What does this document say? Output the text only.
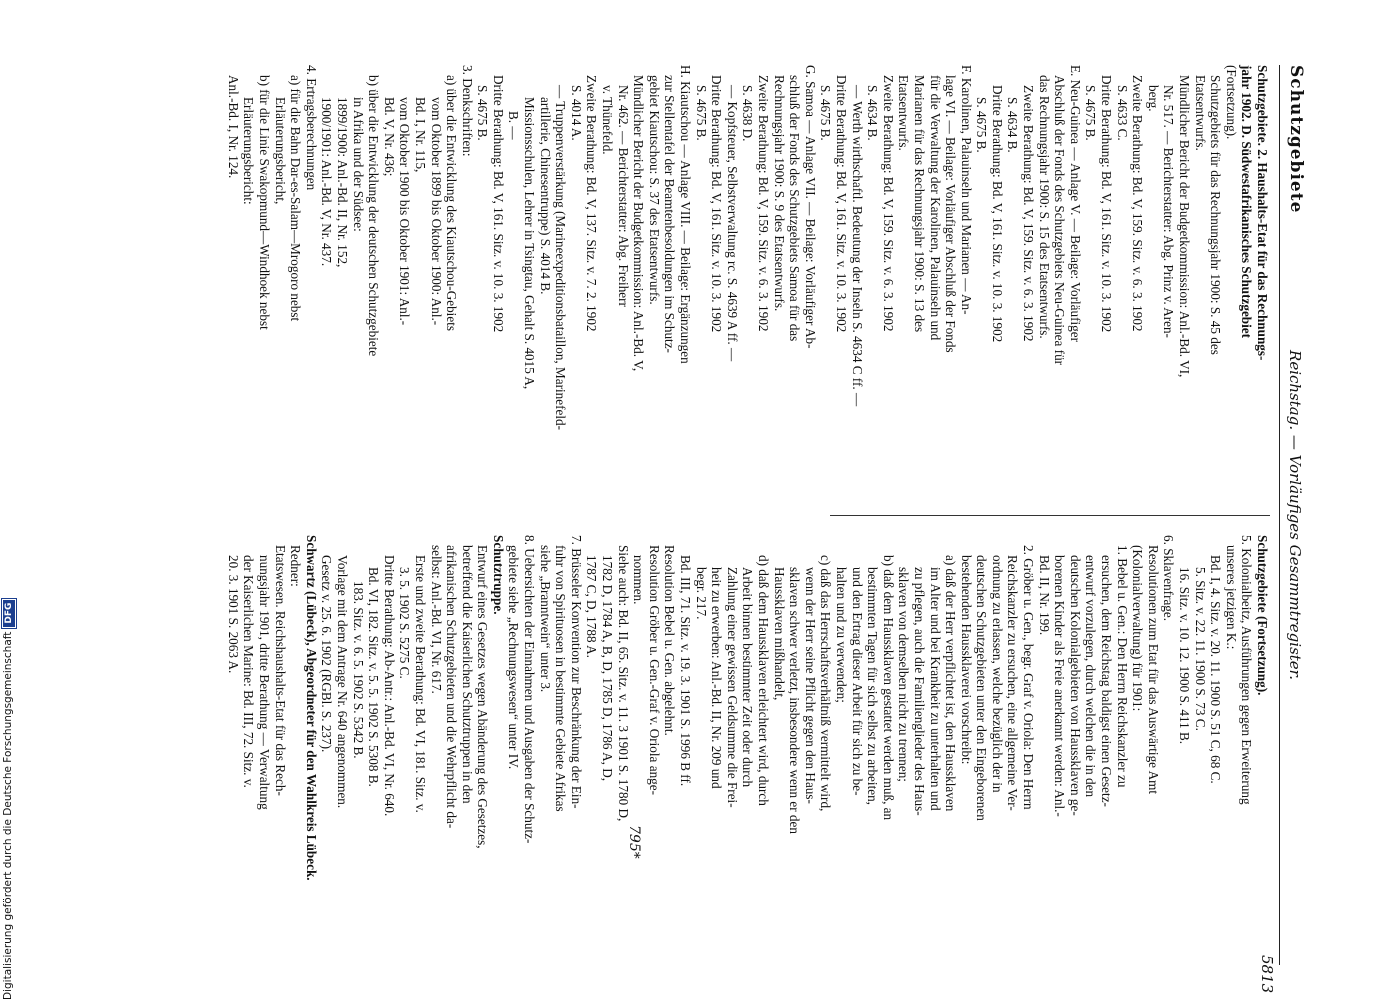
Schutzgebiete
Reichstag. — Vorläufiges Gesammtregister.
Schutzgebiete. 2. Haushalts-Etat für das Rechnungs-
jahr 1902. D. Südwestafrikanisches Schutzgebiet
(Fortsetzung).
Schutzgebiets für das Rechnungsjahr 1900: S. 45 des
Etatsentwurfs.
Mündlicher Bericht der Budgetkommission: Anl.-Bd. VI,
Nr. 517. — Berichterstatter: Abg. Prinz v. Aren-
berg.
Zweite Berathung: Bd. V, 159. Sitz. v. 6. 3. 1902
S. 4633 C.
Dritte Berathung: Bd. V, 161. Sitz. v. 10. 3. 1902
S. 4675 B.
E. Neu-Guinea — Anlage V. — Beilage: Vorläufiger
Abschluß der Fonds des Schutzgebiets Neu-Guinea für
das Rechnungsjahr 1900: S. 15 des Etatsentwurfs.
Zweite Berathung: Bd. V, 159. Sitz. v. 6. 3. 1902
S. 4634 B.
Dritte Berathung: Bd. V, 161. Sitz. v. 10. 3. 1902
S. 4675 B.
F. Karolinen, Palauinseln und Marianen — An-
lage VI. — Beilage: Vorläufiger Abschluß der Fonds
für die Verwaltung der Karolinen, Palauinseln und
Marianen für das Rechnungsjahr 1900: S. 13 des
Etatsentwurfs.
Zweite Berathung: Bd. V, 159. Sitz. v. 6. 3. 1902
S. 4634 B.
— Werth wirthschaftl. Bedeutung der Inseln S. 4634 C ff. —
Dritte Berathung: Bd. V, 161. Sitz. v. 10. 3. 1902
S. 4675 B.
G. Samoa — Anlage VII. — Beilage: Vorläufiger Ab-
schluß der Fonds des Schutzgebiets Samoa für das
Rechnungsjahr 1900: S. 9 des Etatsentwurfs.
Zweite Berathung: Bd. V, 159. Sitz. v. 6. 3. 1902
S. 4638 D.
— Kopfsteuer, Selbstverwaltung rc. S. 4639 A ff. —
Dritte Berathung: Bd. V, 161. Sitz. v. 10. 3. 1902
S. 4675 B.
H. Kiautschou — Anlage VIII. — Beilage: Ergänzungen
zur Stellentafel der Beamtenbesoldungen im Schutz-
gebiet Kiautschou: S. 37 des Etatsentwurfs.
Mündlicher Bericht der Budgetkommission: Anl.-Bd. V,
Nr. 462. — Berichterstatter: Abg. Freiherr
v. Thünefeld.
Zweite Berathung: Bd. V, 137. Sitz. v. 7. 2. 1902
S. 4014 A.
— Truppenverstärkung (Marineexpeditionsbataillon, Marinefeld-
artillerie, Chinesentruppe) S. 4014 B.
Missionsschulen, Lehrer in Tsingtau, Gehalt S. 4015 A,
B. —
Dritte Berathung: Bd. V, 161. Sitz. v. 10. 3. 1902
S. 4675 B.
3. Denkschriften:
a) über die Entwicklung des Kiautschou-Gebiets
vom Oktober 1899 bis Oktober 1900: Anl.-
Bd. I, Nr. 115,
vom Oktober 1900 bis Oktober 1901: Anl.-
Bd. V, Nr. 436;
b) über die Entwicklung der deutschen Schutzgebiete
in Afrika und der Südsee:
1899/1900: Anl.-Bd. II, Nr. 152,
1900/1901: Anl.-Bd. V, Nr. 437.
4. Ertragsberechnungen
a) für die Bahn Dar-es-Salam—Mrogoro nebst
Erläuterungsbericht,
b) für die Linie Swakopmund—Windhoek nebst
Erläuterungsbericht:
Anl.-Bd. I, Nr. 124.
Schutzgebiete (Fortsetzung).
5. Kolonialbeitz, Ausführungen gegen Erweiterung
unseres jetzigen K.:
Bd. I, 4. Sitz. v. 20. 11. 1900 S. 51 C, 68 C.
5. Sitz. v. 22. 11. 1900 S. 73 C.
16. Sitz. v. 10. 12. 1900 S. 411 B.
6. Sklavenfrage.
Resolutionen zum Etat für das Auswärtige Amt
(Kolonialverwaltung) für 1901:
1. Bebel u. Gen.: Den Herrn Reichskanzler zu
ersuchen, dem Reichstag baldigst einen Gesetz-
entwurf vorzulegen, durch welchen die in den
deutschen Kolonialgebieten von Haussklaven ge-
borenen Kinder als Freie anerkannt werden: Anl.-
Bd. II, Nr. 199.
2. Gröber u. Gen., begr. Graf v. Oriola: Den Herrn
Reichskanzler zu ersuchen, eine allgemeine Ver-
ordnung zu erlassen, welche bezüglich der in
deutschen Schutzgebieten unter den Eingeborenen
bestehenden Haussklaverei vorschreibt:
a) daß der Herr verpflichtet ist, den Haussklaven
im Alter und bei Krankheit zu unterhalten und
zu pflegen, auch die Familienglieder des Haus-
sklaven von demselben nicht zu trennen;
b) daß dem Haussklaven gestattet werden muß, an
bestimmten Tagen für sich selbst zu arbeiten,
und den Ertrag dieser Arbeit für sich zu be-
halten und zu verwenden;
c) daß das Herrschaftsverhältniß vermittelt wird,
wenn der Herr seine Pflicht gegen den Haus-
sklaven schwer verletzt, insbesondere wenn er den
Haussklaven mißhandelt,
d) daß dem Haussklaven erleichtert wird, durch
Arbeit binnen bestimmter Zeit oder durch
Zahlung einer gewissen Geldsumme die Frei-
heit zu erwerben: Anl.-Bd. II, Nr. 209 und
begr. 217.
Bd. III, 71. Sitz. v. 19. 3. 1901 S. 1996 B ff.
Resolution Bebel u. Gen. abgelehnt.
Resolution Gröber u. Gen.-Graf v. Oriola ange-
nommen.
Siehe auch: Bd. II, 65. Sitz. v. 11. 3 1901 S. 1780 D,
1782 D, 1784 A, B, D, 1785 D, 1786 A, D,
1787 C, D, 1788 A.
7. Brüsseler Konvention zur Beschränkung der Ein-
fuhr von Spirituosen in bestimmte Gebiete Afrikas
siehe „Branntwein“ unter 3.
8. Uebersichten der Einnahmen und Ausgaben der Schutz-
gebiete siehe „Rechnungswesen“ unter IV.
Schutztruppe.
Entwurf eines Gesetzes wegen Abänderung des Gesetzes,
betreffend die Kaiserlichen Schutztruppen in den
afrikanischen Schutzgebieten und die Wehrpflicht da-
selbst: Anl.-Bd. VI, Nr. 617.
Erste und zweite Berathung: Bd. VI, 181. Sitz. v.
3. 5. 1902 S. 5275 C.
Dritte Berathung: Ab-Antr.: Anl.-Bd. VI, Nr. 640.
Bd. VI, 182. Sitz. v. 5. 5. 1902 S. 5308 B.
183. Sitz. v. 6. 5. 1902 S. 5342 B.
Vorlage mit dem Antrage Nr. 640 angenommen.
Gesetz v. 25. 6. 1902 (RGBl. S. 237).
Schwartz (Lübeck), Abgeordneter für den Wahlkreis Lübeck.
Redner:
Etatswesen. Reichshaushalts-Etat für das Rech-
nungsjahr 1901, dritte Berathung — Verwaltung
der Kaiserlichen Marine: Bd. III, 72. Sitz. v.
20. 3. 1901 S. 2063 A.
795*
5813
Digitalisierung gefördert durch die Deutsche ForschungsgemeinschaftDFG
